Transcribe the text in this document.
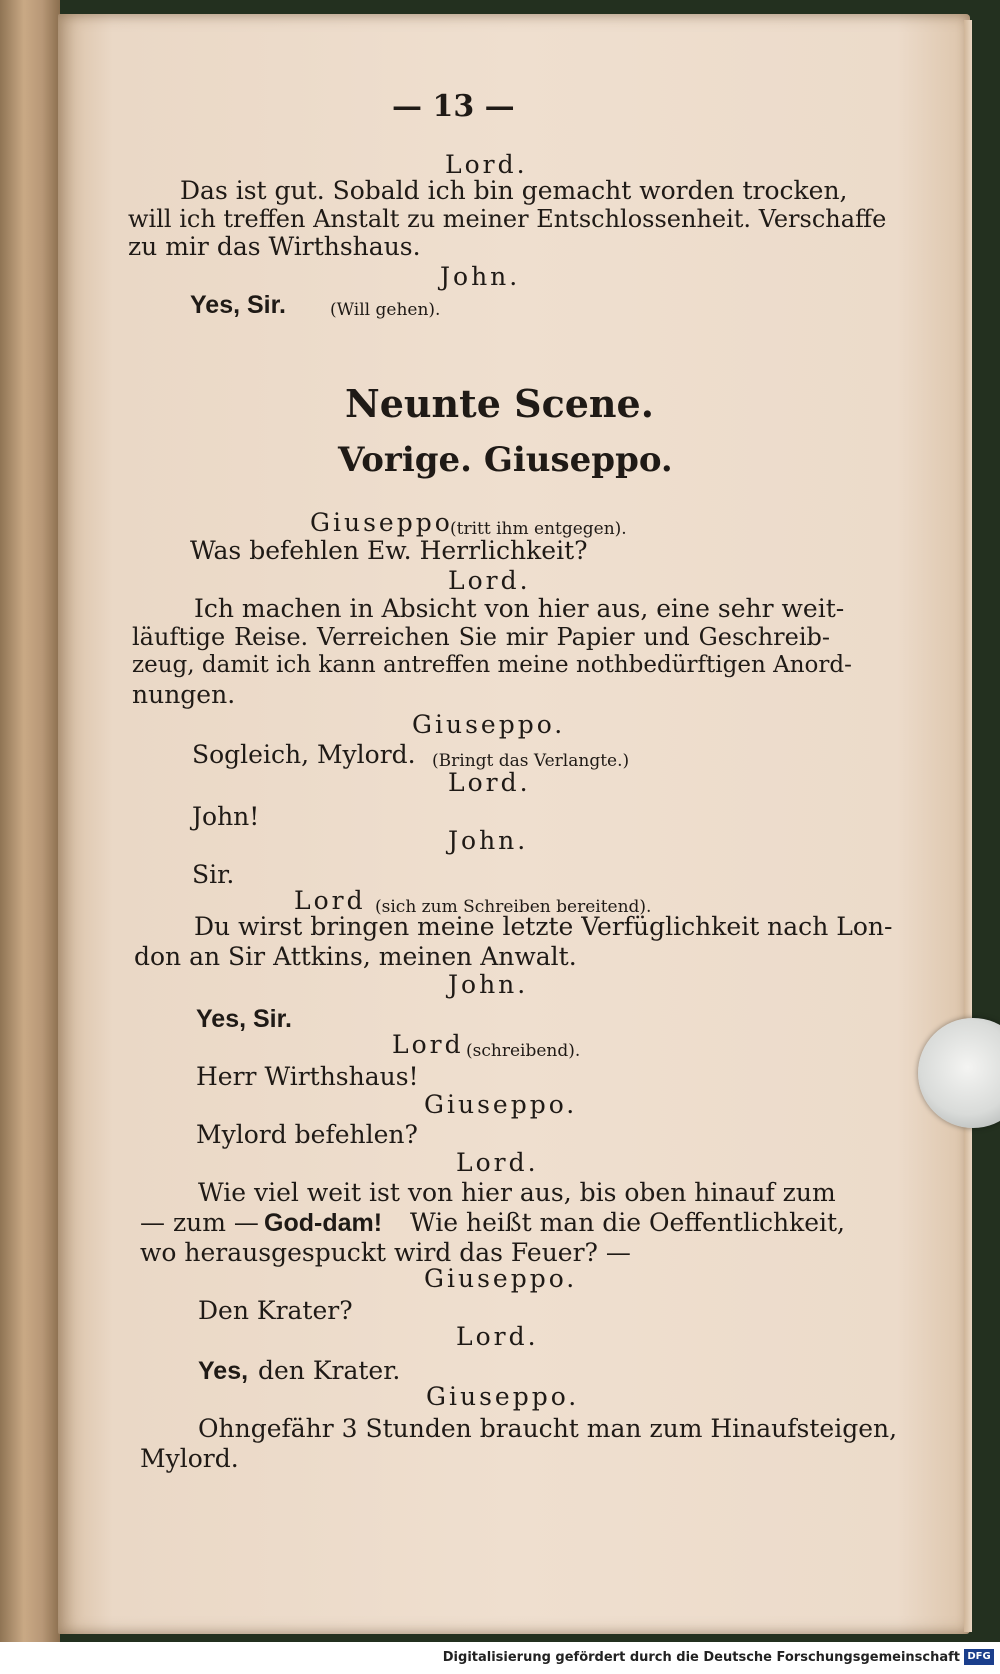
— 13 —
Lord.
Das ist gut. Sobald ich bin gemacht worden trocken,
will ich treffen Anstalt zu meiner Entschlossenheit. Verschaffe
zu mir das Wirthshaus.
John.
Yes, Sir.	(Will gehen).
Neunte Scene.
Vorige. Giuseppo.
Giuseppo
(tritt ihm entgegen).
Was befehlen Ew. Herrlichkeit?
Lord.
Ich machen in Absicht von hier aus, eine sehr weit-
läuftige Reise. Verreichen Sie mir Papier und Geschreib-
zeug, damit ich kann antreffen meine nothbedürftigen Anord-
nungen.
Giuseppo.
Sogleich, Mylord. (Bringt das Verlangte.)
Lord.
John!
John.
Sir.
Lord (sich zum Schreiben bereitend).
Du wirst bringen meine letzte Verfüglichkeit nach Lon-
don an Sir Attkins, meinen Anwalt.
John.
Yes, Sir.
Lord (schreibend).
Herr Wirthshaus!
Giuseppo.
Mylord befehlen?
Lord.
Wie viel weit ist von hier aus, bis oben hinauf zum
— zum — God-dam! Wie heißt man die Oeffentlichkeit,
wo herausgespuckt wird das Feuer? —
Giuseppo.
Den Krater?
Lord.
Yes, den Krater.
Giuseppo.
Ohngefähr 3 Stunden braucht man zum Hinaufsteigen,
Mylord.
Digitalisierung gefördert durch die Deutsche Forschungsgemeinschaft DFG
